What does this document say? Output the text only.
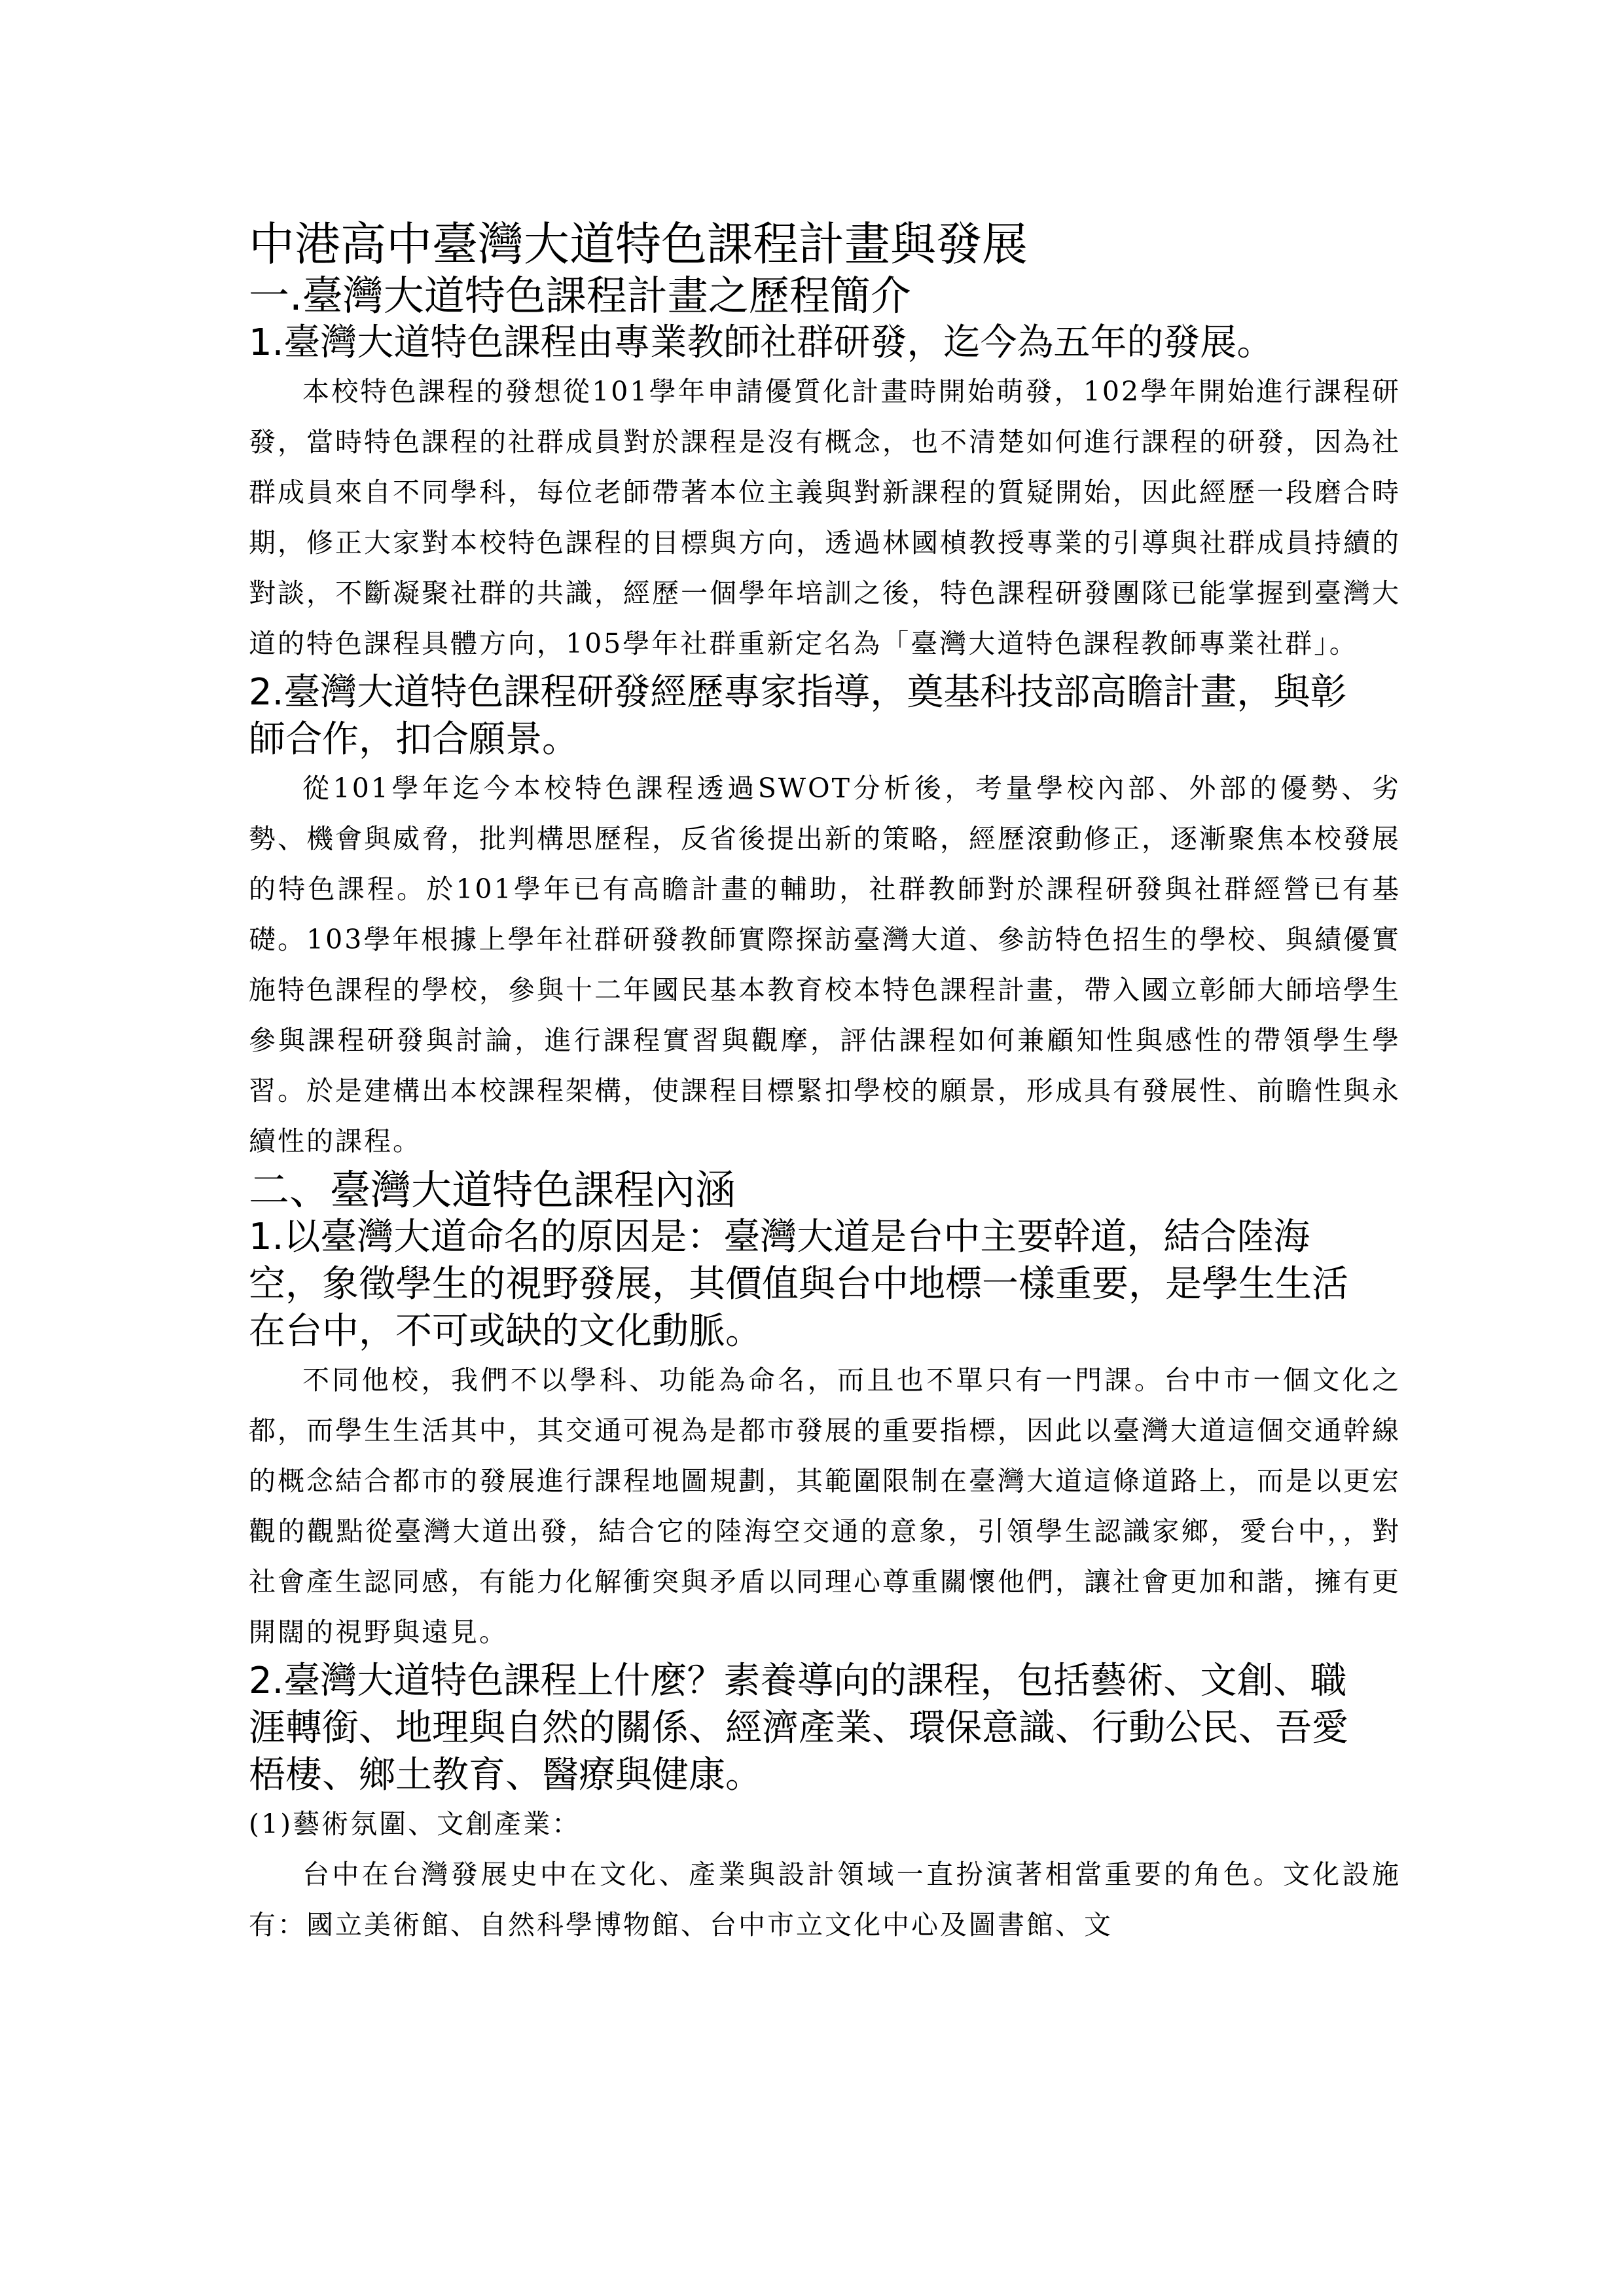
中港高中臺灣大道特色課程計畫與發展
一.臺灣大道特色課程計畫之歷程簡介
1.臺灣大道特色課程由專業教師社群研發，迄今為五年的發展。

本校特色課程的發想從101學年申請優質化計畫時開始萌發，102學年開始進行課程研發，當時特色課程的社群成員對於課程是沒有概念，也不清楚如何進行課程的研發，因為社群成員來自不同學科，每位老師帶著本位主義與對新課程的質疑開始，因此經歷一段磨合時期，修正大家對本校特色課程的目標與方向，透過林國楨教授專業的引導與社群成員持續的對談，不斷凝聚社群的共識，經歷一個學年培訓之後，特色課程研發團隊已能掌握到臺灣大道的特色課程具體方向，105學年社群重新定名為「臺灣大道特色課程教師專業社群」。

2.臺灣大道特色課程研發經歷專家指導，奠基科技部高瞻計畫，與彰師合作，扣合願景。

從101學年迄今本校特色課程透過SWOT分析後，考量學校內部、外部的優勢、劣勢、機會與威脅，批判構思歷程，反省後提出新的策略，經歷滾動修正，逐漸聚焦本校發展的特色課程。於101學年已有高瞻計畫的輔助，社群教師對於課程研發與社群經營已有基礎。103學年根據上學年社群研發教師實際探訪臺灣大道、參訪特色招生的學校、與績優實施特色課程的學校，參與十二年國民基本教育校本特色課程計畫，帶入國立彰師大師培學生參與課程研發與討論，進行課程實習與觀摩，評估課程如何兼顧知性與感性的帶領學生學習。於是建構出本校課程架構，使課程目標緊扣學校的願景，形成具有發展性、前瞻性與永續性的課程。

二、臺灣大道特色課程內涵
1.以臺灣大道命名的原因是：臺灣大道是台中主要幹道，結合陸海空，象徵學生的視野發展，其價值與台中地標一樣重要，是學生生活在台中，不可或缺的文化動脈。

不同他校，我們不以學科、功能為命名，而且也不單只有一門課。台中市一個文化之都，而學生生活其中，其交通可視為是都市發展的重要指標，因此以臺灣大道這個交通幹線的概念結合都市的發展進行課程地圖規劃，其範圍限制在臺灣大道這條道路上，而是以更宏觀的觀點從臺灣大道出發，結合它的陸海空交通的意象，引領學生認識家鄉，愛台中，，對社會產生認同感，有能力化解衝突與矛盾以同理心尊重關懷他們，讓社會更加和諧，擁有更開闊的視野與遠見。

2.臺灣大道特色課程上什麼？素養導向的課程，包括藝術、文創、職涯轉銜、地理與自然的關係、經濟產業、環保意識、行動公民、吾愛梧棲、鄉土教育、醫療與健康。

(1)藝術氛圍、文創產業：

台中在台灣發展史中在文化、產業與設計領域一直扮演著相當重要的角色。文化設施有：國立美術館、自然科學博物館、台中市立文化中心及圖書館、文
